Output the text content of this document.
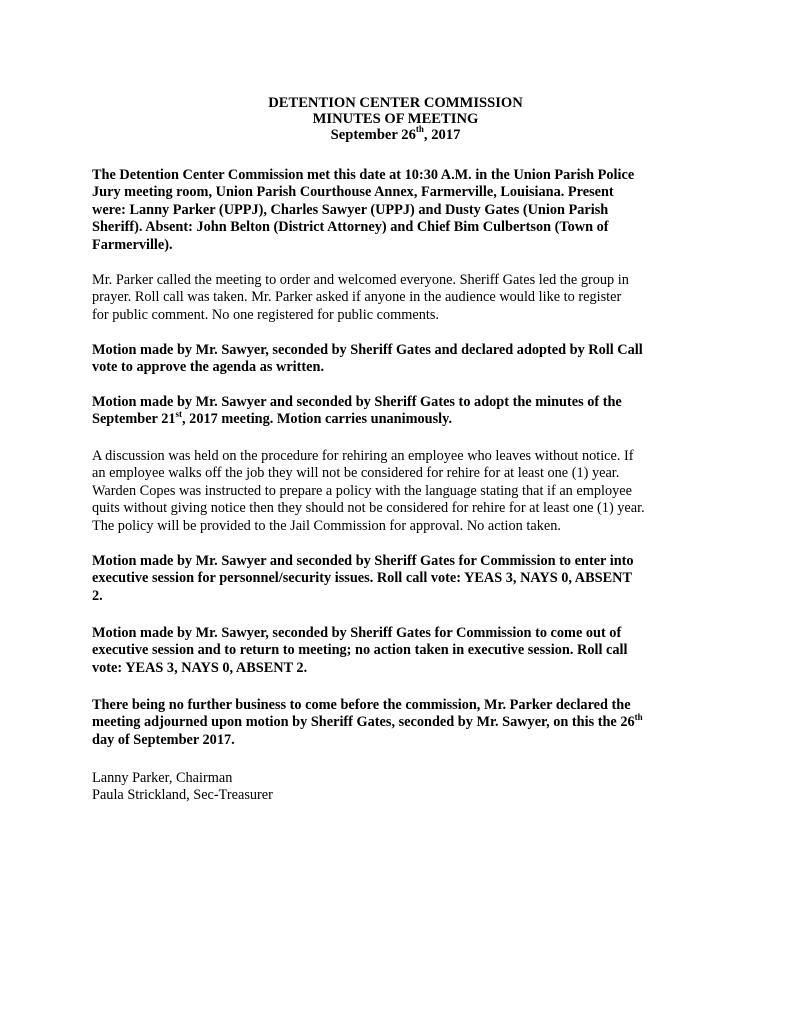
DETENTION CENTER COMMISSION
MINUTES OF MEETING
September 26th, 2017
The Detention Center Commission met this date at 10:30 A.M. in the Union Parish Police
Jury meeting room, Union Parish Courthouse Annex, Farmerville, Louisiana. Present
were: Lanny Parker (UPPJ), Charles Sawyer (UPPJ) and Dusty Gates (Union Parish
Sheriff). Absent: John Belton (District Attorney) and Chief Bim Culbertson (Town of
Farmerville).
Mr. Parker called the meeting to order and welcomed everyone. Sheriff Gates led the group in
prayer. Roll call was taken. Mr. Parker asked if anyone in the audience would like to register
for public comment. No one registered for public comments.
Motion made by Mr. Sawyer, seconded by Sheriff Gates and declared adopted by Roll Call
vote to approve the agenda as written.
Motion made by Mr. Sawyer and seconded by Sheriff Gates to adopt the minutes of the
September 21st, 2017 meeting. Motion carries unanimously.
A discussion was held on the procedure for rehiring an employee who leaves without notice. If
an employee walks off the job they will not be considered for rehire for at least one (1) year.
Warden Copes was instructed to prepare a policy with the language stating that if an employee
quits without giving notice then they should not be considered for rehire for at least one (1) year.
The policy will be provided to the Jail Commission for approval. No action taken.
Motion made by Mr. Sawyer and seconded by Sheriff Gates for Commission to enter into
executive session for personnel/security issues. Roll call vote: YEAS 3, NAYS 0, ABSENT
2.
Motion made by Mr. Sawyer, seconded by Sheriff Gates for Commission to come out of
executive session and to return to meeting; no action taken in executive session. Roll call
vote: YEAS 3, NAYS 0, ABSENT 2.
There being no further business to come before the commission, Mr. Parker declared the
meeting adjourned upon motion by Sheriff Gates, seconded by Mr. Sawyer, on this the 26th
day of September 2017.
Lanny Parker, Chairman
Paula Strickland, Sec-Treasurer
